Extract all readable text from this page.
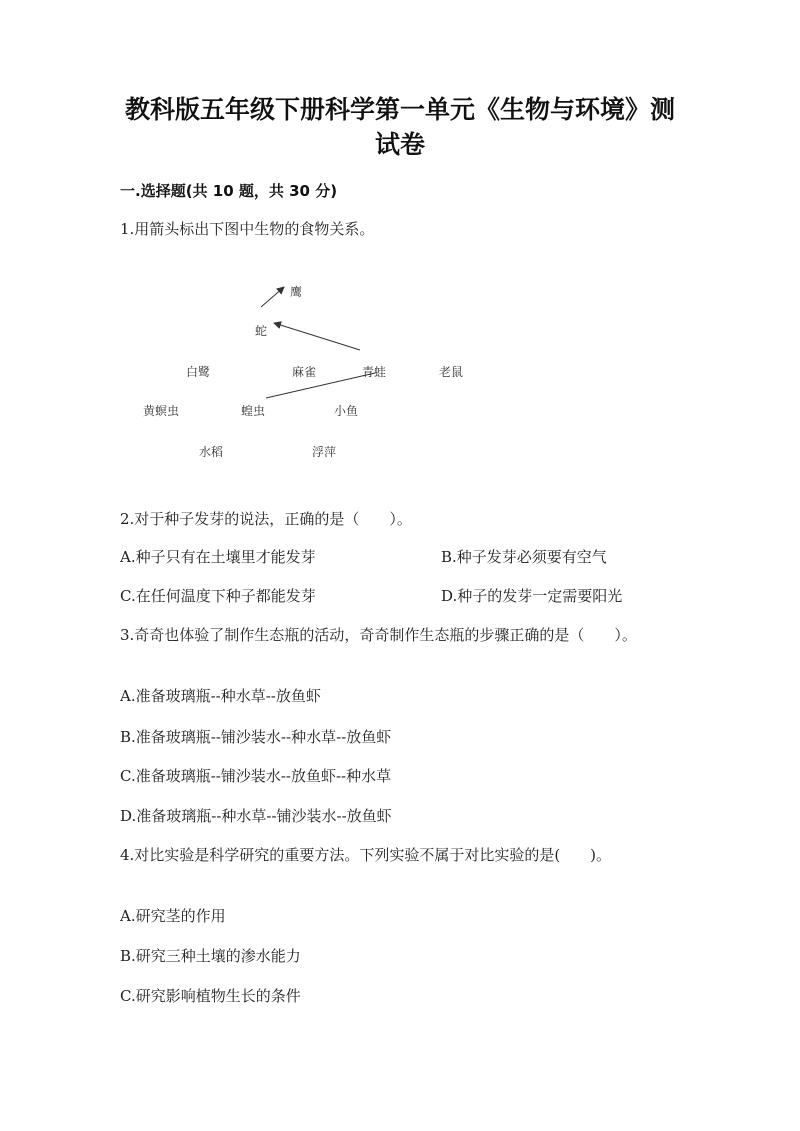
教科版五年级下册科学第一单元《生物与环境》测
试卷
一.选择题(共 10 题，共 30 分)
1.用箭头标出下图中生物的食物关系。
鹰
蛇
白鹭	麻雀	青蛙	老鼠
黄螟虫	蝗虫	小鱼
水稻	浮萍
2.对于种子发芽的说法，正确的是（　　）。
A.种子只有在土壤里才能发芽	B.种子发芽必须要有空气
C.在任何温度下种子都能发芽	D.种子的发芽一定需要阳光
3.奇奇也体验了制作生态瓶的活动，奇奇制作生态瓶的步骤正确的是（　　）。
A.准备玻璃瓶--种水草--放鱼虾
B.准备玻璃瓶--铺沙装水--种水草--放鱼虾
C.准备玻璃瓶--铺沙装水--放鱼虾--种水草
D.准备玻璃瓶--种水草--铺沙装水--放鱼虾
4.对比实验是科学研究的重要方法。下列实验不属于对比实验的是(　　)。
A.研究茎的作用
B.研究三种土壤的渗水能力
C.研究影响植物生长的条件
